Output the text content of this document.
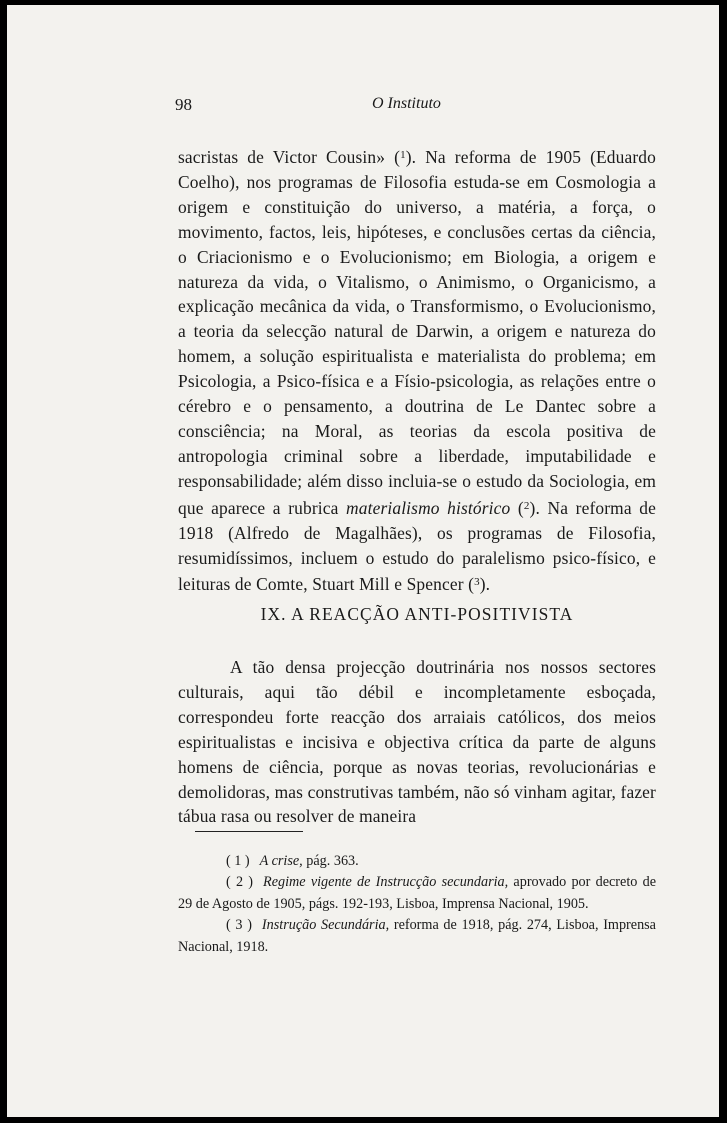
98	O Instituto

sacristas de Victor Cousin» ($^1$). Na reforma de 1905 (Eduardo Coelho), nos programas de Filosofia estuda-se em Cosmologia a origem e constituição do universo, a matéria, a força, o movimento, factos, leis, hipóteses, e conclusões certas da ciência, o Criacionismo e o Evolucionismo; em Biologia, a origem e natureza da vida, o Vitalismo, o Animismo, o Organicismo, a explicação mecânica da vida, o Transformismo, o Evolucionismo, a teoria da selecção natural de Darwin, a origem e natureza do homem, a solução espiritualista e materialista do problema; em Psicologia, a Psico-física e a Físio-psicologia, as relações entre o cérebro e o pensamento, a doutrina de Le Dantec sobre a consciência; na Moral, as teorias da escola positiva de antropologia criminal sobre a liberdade, imputabilidade e responsabilidade; além disso incluia-se o estudo da Sociologia, em que aparece a rubrica materialismo histórico ($^2$). Na reforma de 1918 (Alfredo de Magalhães), os programas de Filosofia, resumidíssimos, incluem o estudo do paralelismo psico-físico, e leituras de Comte, Stuart Mill e Spencer ($^3$).

IX. A REACÇÃO ANTI-POSITIVISTA

A tão densa projecção doutrinária nos nossos sectores culturais, aqui tão débil e incompletamente esboçada, correspondeu forte reacção dos arraiais católicos, dos meios espiritualistas e incisiva e objectiva crítica da parte de alguns homens de ciência, porque as novas teorias, revolucionárias e demolidoras, mas construtivas também, não só vinham agitar, fazer tábua rasa ou resolver de maneira

( 1 ) A crise, pág. 363.

( 2 ) Regime vigente de Instrucção secundaria, aprovado por decreto de 29 de Agosto de 1905, págs. 192-193, Lisboa, Imprensa Nacional, 1905.

( 3 ) Instrução Secundária, reforma de 1918, pág. 274, Lisboa, Imprensa Nacional, 1918.
